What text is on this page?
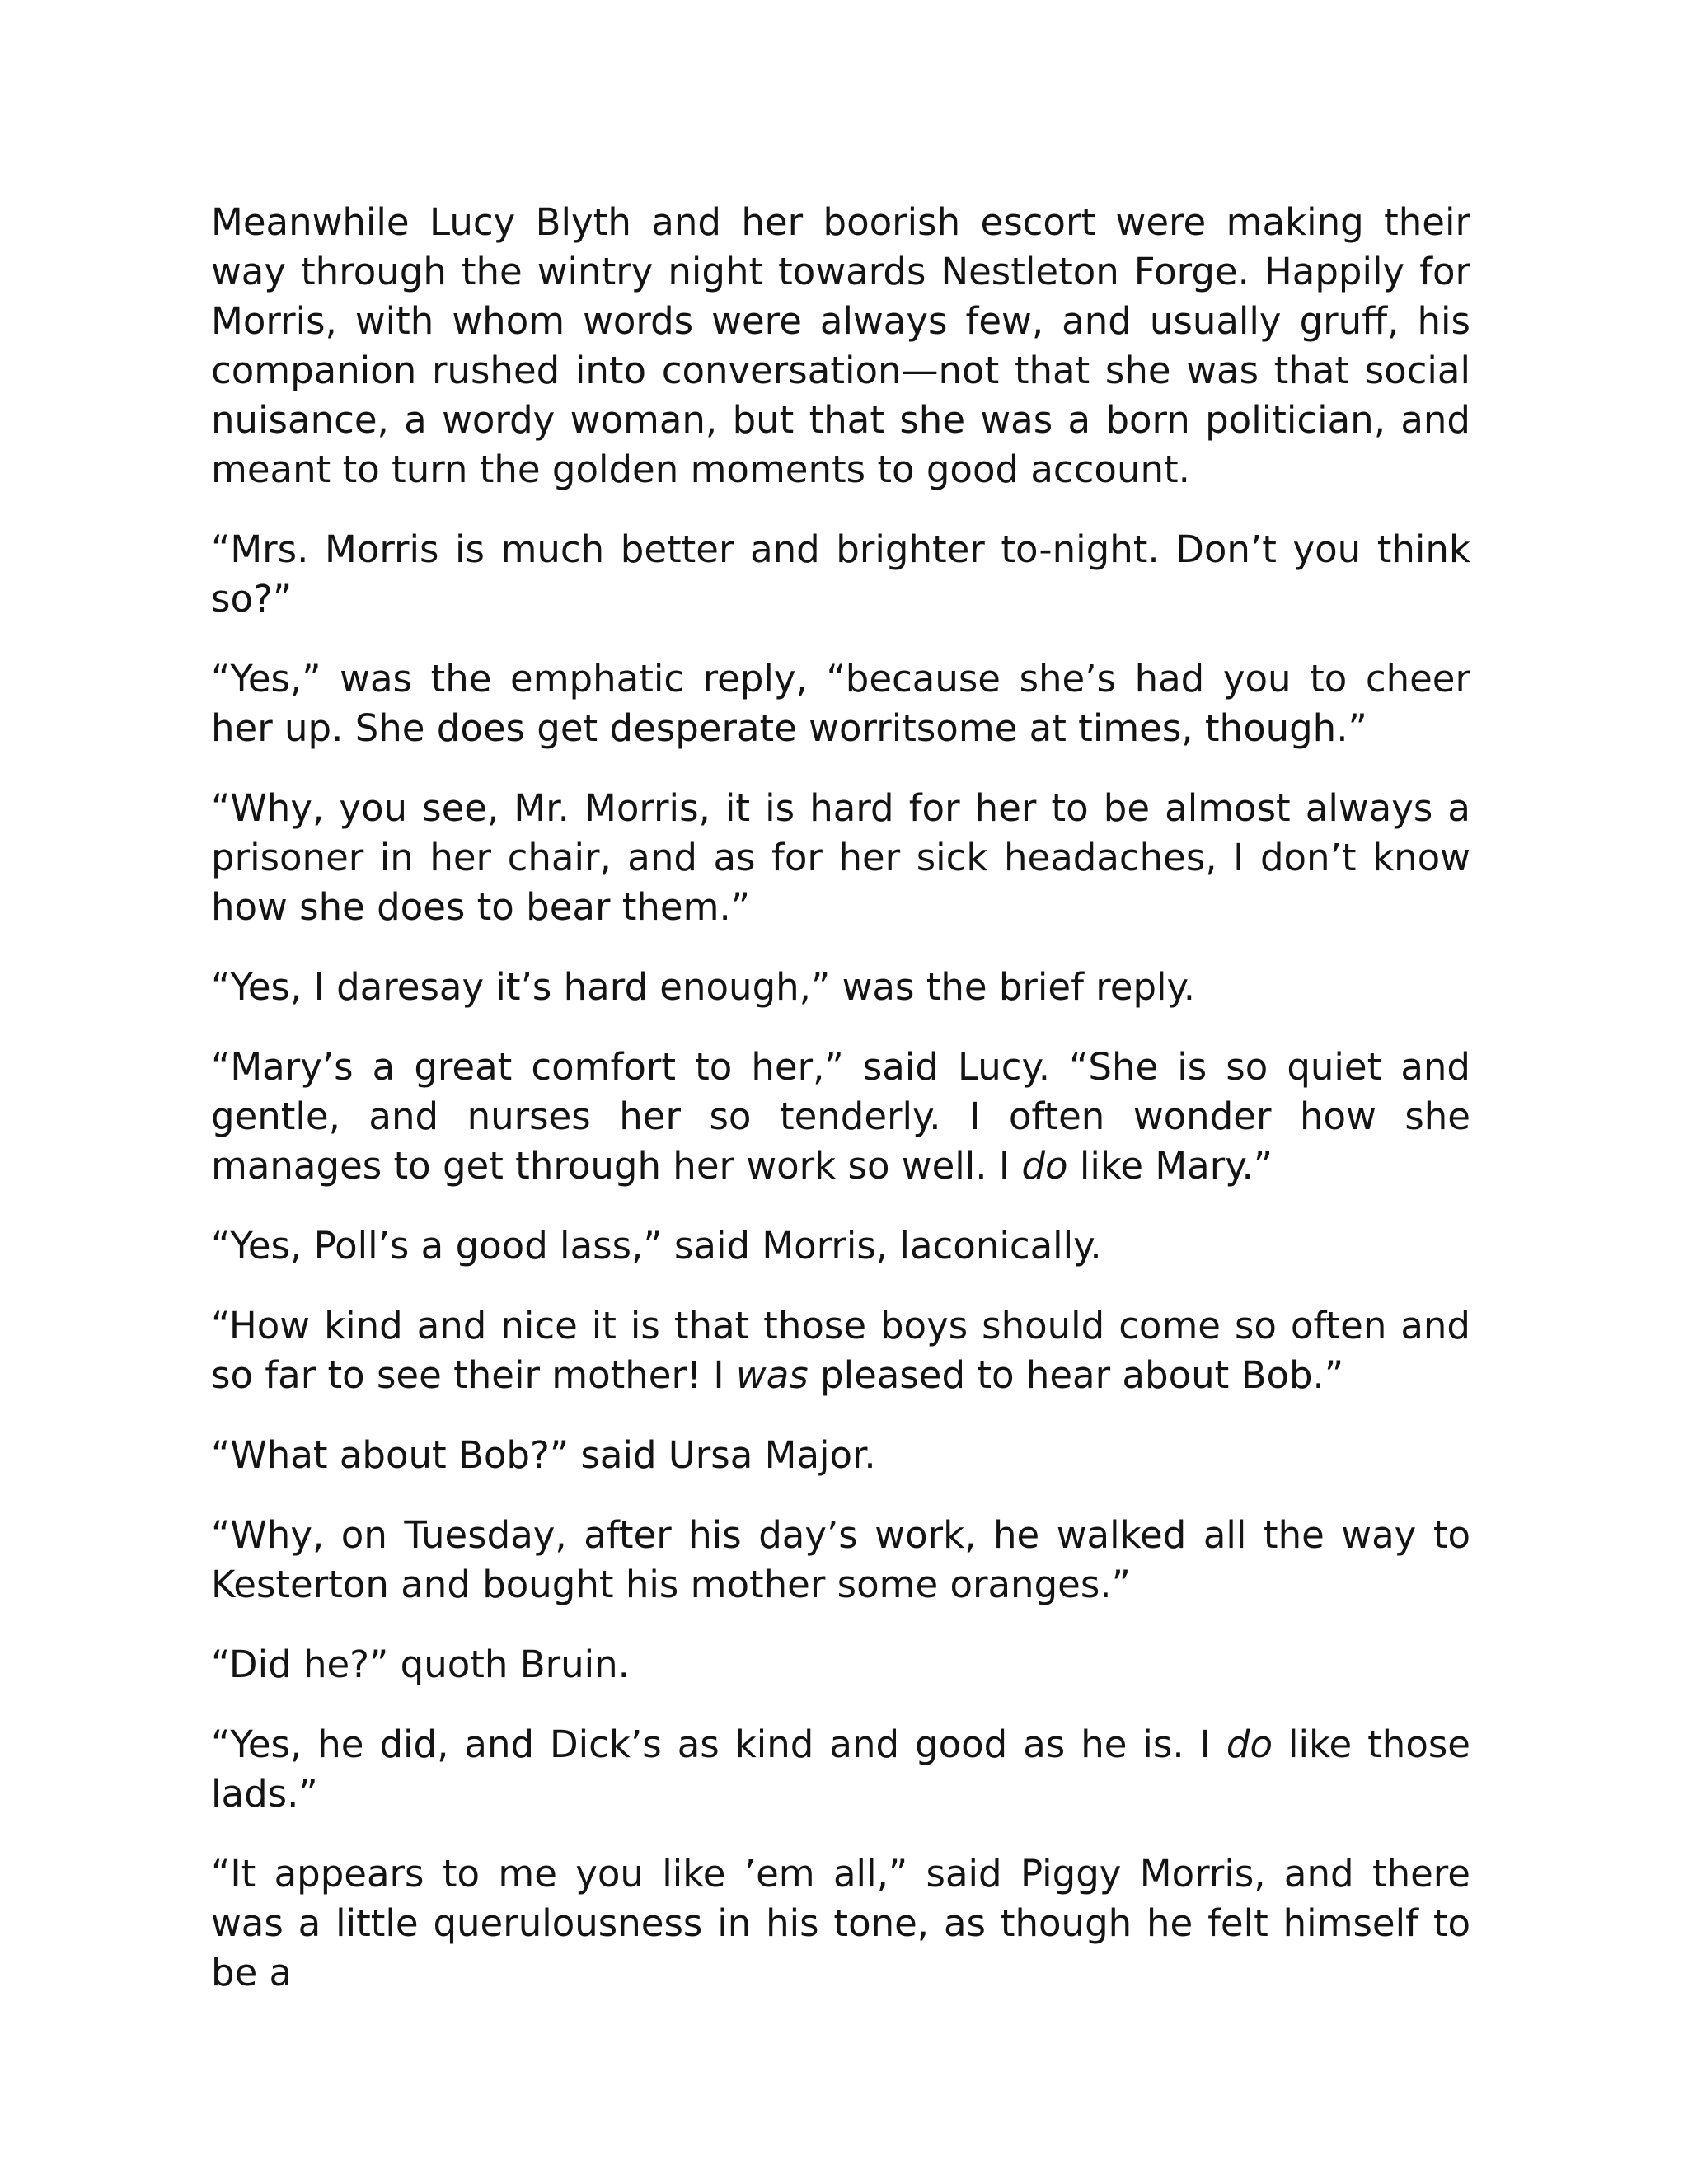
Meanwhile Lucy Blyth and her boorish escort were making their way through the wintry night towards Nestleton Forge. Happily for Morris, with whom words were always few, and usually gruff, his companion rushed into conversation—not that she was that social nuisance, a wordy woman, but that she was a born politician, and meant to turn the golden moments to good account.

“Mrs. Morris is much better and brighter to-night. Don’t you think so?”

“Yes,” was the emphatic reply, “because she’s had you to cheer her up. She does get desperate worritsome at times, though.”

“Why, you see, Mr. Morris, it is hard for her to be almost always a prisoner in her chair, and as for her sick headaches, I don’t know how she does to bear them.”

“Yes, I daresay it’s hard enough,” was the brief reply.

“Mary’s a great comfort to her,” said Lucy. “She is so quiet and gentle, and nurses her so tenderly. I often wonder how she manages to get through her work so well. I do like Mary.”

“Yes, Poll’s a good lass,” said Morris, laconically.

“How kind and nice it is that those boys should come so often and so far to see their mother! I was pleased to hear about Bob.”

“What about Bob?” said Ursa Major.

“Why, on Tuesday, after his day’s work, he walked all the way to Kesterton and bought his mother some oranges.”

“Did he?” quoth Bruin.

“Yes, he did, and Dick’s as kind and good as he is. I do like those lads.”

“It appears to me you like ’em all,” said Piggy Morris, and there was a little querulousness in his tone, as though he felt himself to be a
